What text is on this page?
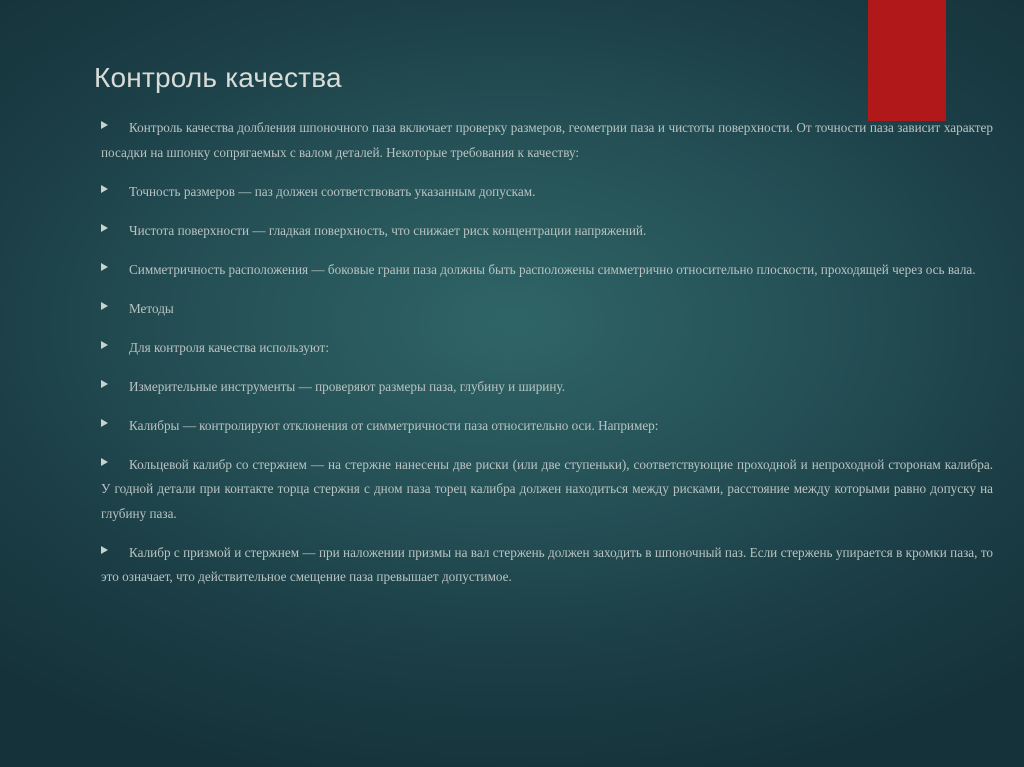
Контроль качества
Контроль качества долбления шпоночного паза включает проверку размеров, геометрии паза и чистоты поверхности. От точности паза зависит характер посадки на шпонку сопрягаемых с валом деталей. Некоторые требования к качеству:
Точность размеров — паз должен соответствовать указанным допускам.
Чистота поверхности — гладкая поверхность, что снижает риск концентрации напряжений.
Симметричность расположения — боковые грани паза должны быть расположены симметрично относительно плоскости, проходящей через ось вала.
Методы
Для контроля качества используют:
Измерительные инструменты — проверяют размеры паза, глубину и ширину.
Калибры — контролируют отклонения от симметричности паза относительно оси. Например:
Кольцевой калибр со стержнем — на стержне нанесены две риски (или две ступеньки), соответствующие проходной и непроходной сторонам калибра. У годной детали при контакте торца стержня с дном паза торец калибра должен находиться между рисками, расстояние между которыми равно допуску на глубину паза.
Калибр с призмой и стержнем — при наложении призмы на вал стержень должен заходить в шпоночный паз. Если стержень упирается в кромки паза, то это означает, что действительное смещение паза превышает допустимое.
